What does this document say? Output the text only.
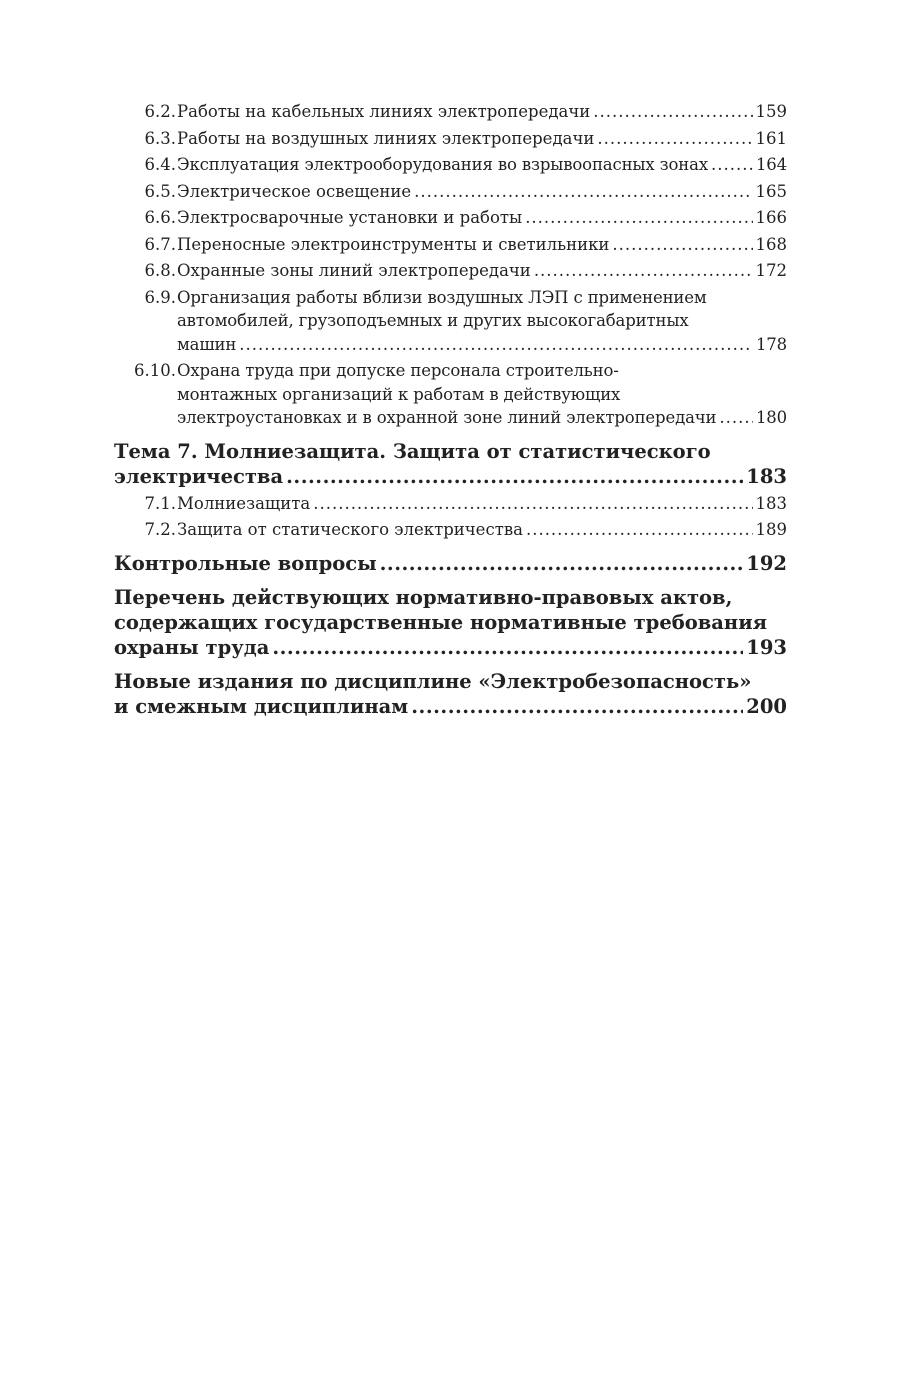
6.2. Работы на кабельных линиях электропередачи .....	159
6.3. Работы на воздушных линиях электропередачи .....	161
6.4. Эксплуатация электрооборудования во взрывоопасных зонах .....	164
6.5. Электрическое освещение .....	165
6.6. Электросварочные установки и работы .....	166
6.7. Переносные электроинструменты и светильники .....	168
6.8. Охранные зоны линий электропередачи .....	172
6.9. Организация работы вблизи воздушных ЛЭП с применением
автомобилей, грузоподъемных и других высокогабаритных
машин .....	178
6.10. Охрана труда при допуске персонала строительно-
монтажных организаций к работам в действующих
электроустановках и в охранной зоне линий электропередачи ..... 180
Тема 7. Молниезащита. Защита от статистического
электричества .....	183
7.1. Молниезащита .....	183
7.2. Защита от статического электричества .....	189
Контрольные вопросы .....	192
Перечень действующих нормативно-правовых актов,
содержащих государственные нормативные требования
охраны труда .....	193
Новые издания по дисциплине «Электробезопасность»
и смежным дисциплинам .....	200
